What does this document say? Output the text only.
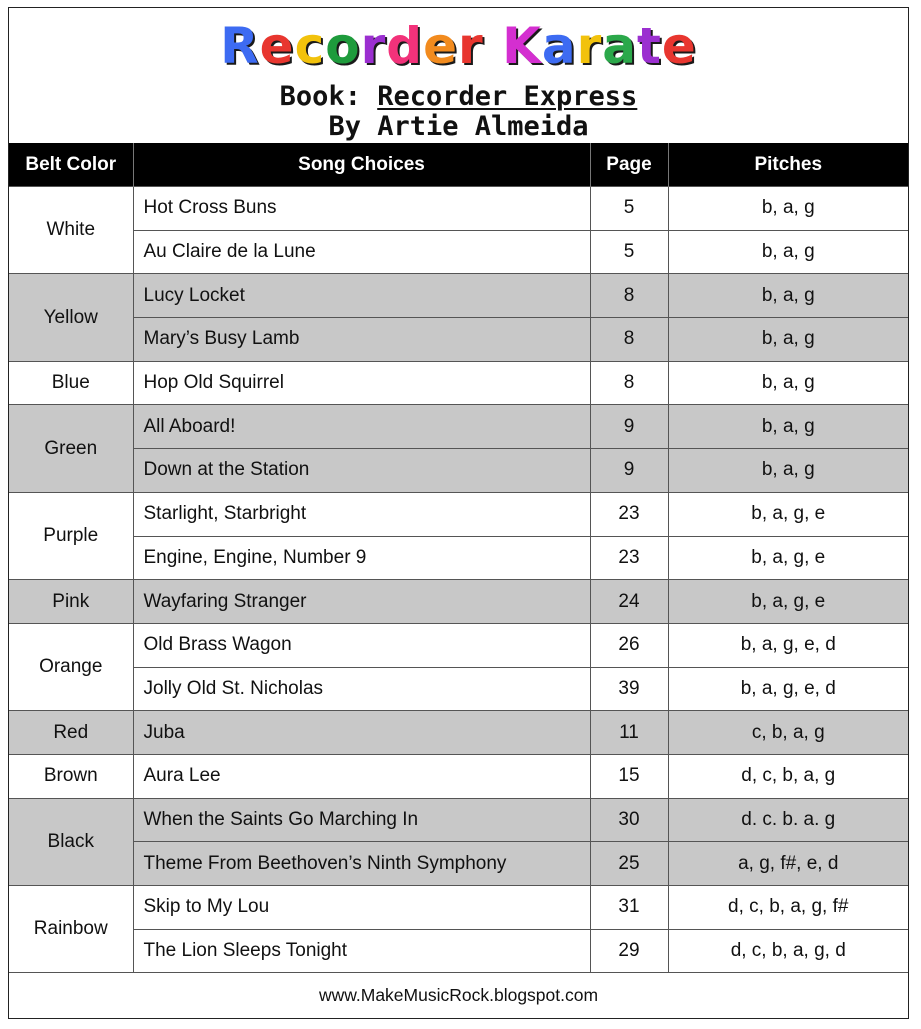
Recorder Karate
Book: Recorder Express
By Artie Almeida
Belt Color	Song Choices	Page	Pitches
White	Hot Cross Buns	5	b, a, g
	Au Claire de la Lune	5	b, a, g
Yellow	Lucy Locket	8	b, a, g
	Mary’s Busy Lamb	8	b, a, g
Blue	Hop Old Squirrel	8	b, a, g
Green	All Aboard!	9	b, a, g
	Down at the Station	9	b, a, g
Purple	Starlight, Starbright	23	b, a, g, e
	Engine, Engine, Number 9	23	b, a, g, e
Pink	Wayfaring Stranger	24	b, a, g, e
Orange	Old Brass Wagon	26	b, a, g, e, d
	Jolly Old St. Nicholas	39	b, a, g, e, d
Red	Juba	11	c, b, a, g
Brown	Aura Lee	15	d, c, b, a, g
Black	When the Saints Go Marching In	30	d. c. b. a. g
	Theme From Beethoven’s Ninth Symphony	25	a, g, f#, e, d
Rainbow	Skip to My Lou	31	d, c, b, a, g, f#
	The Lion Sleeps Tonight	29	d, c, b, a, g, d
www.MakeMusicRock.blogspot.com
